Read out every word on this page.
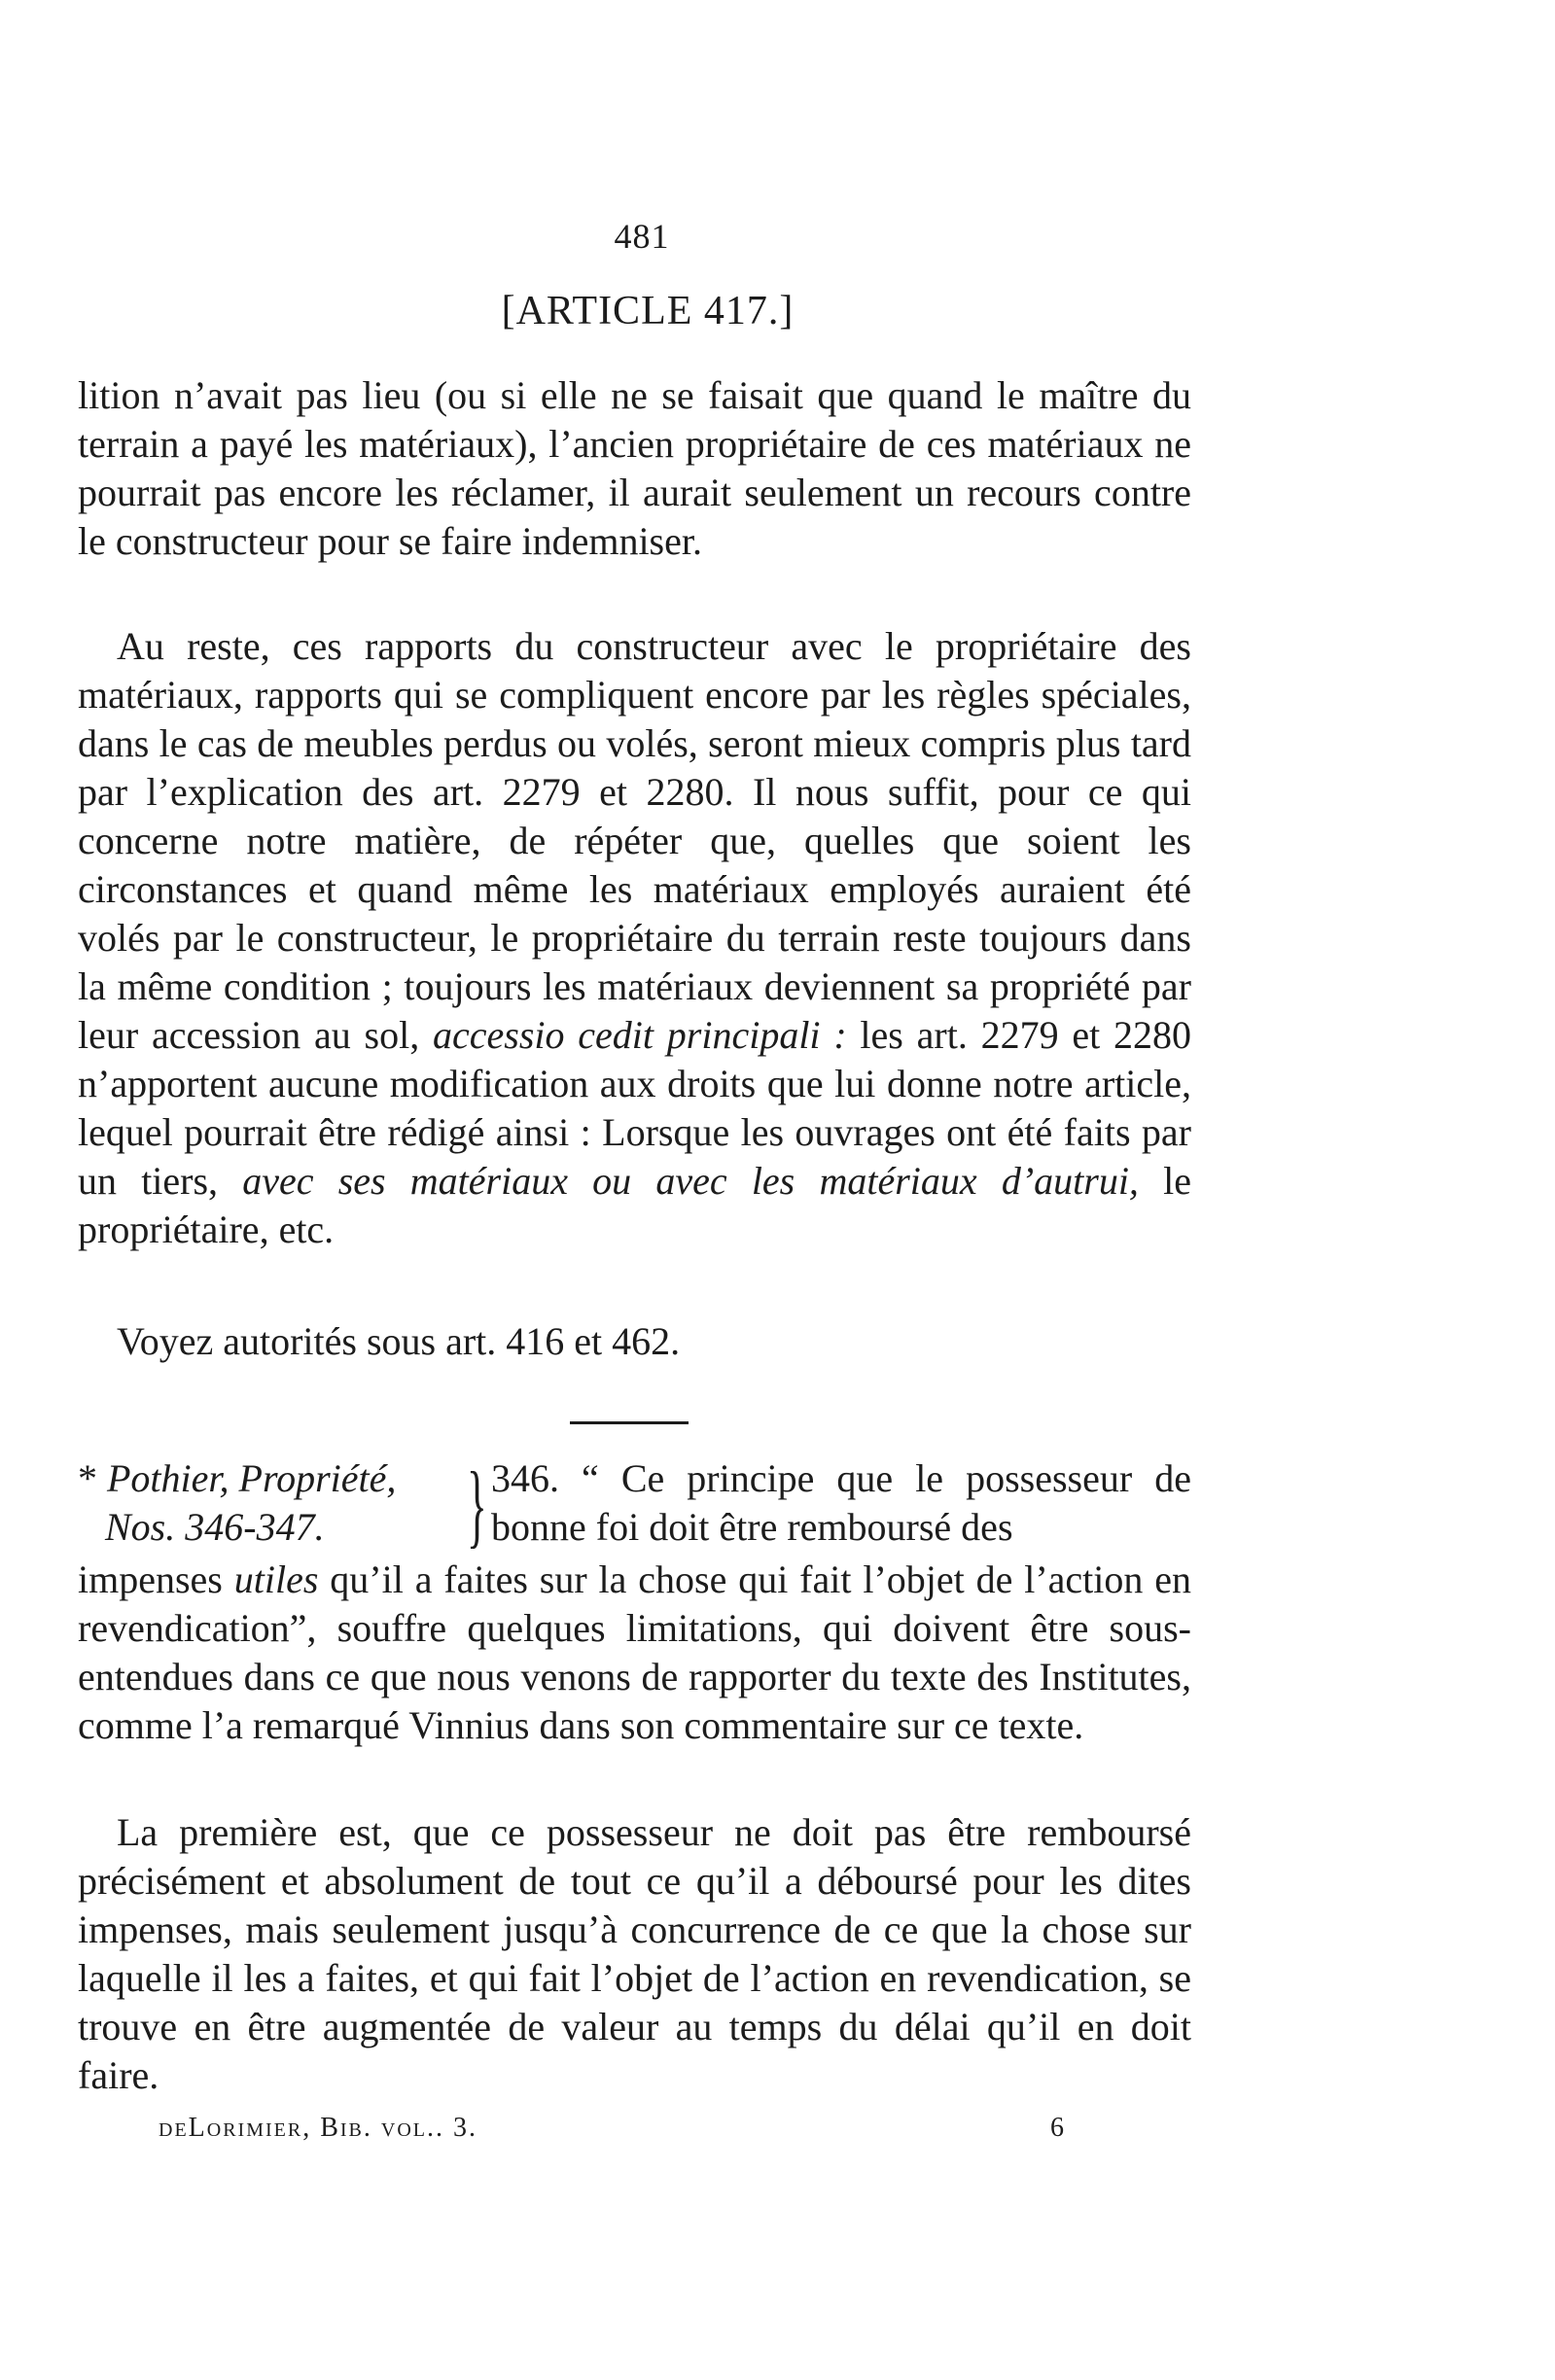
481
[ARTICLE 417.]

lition n’avait pas lieu (ou si elle ne se faisait que quand le maître du terrain a payé les matériaux), l’ancien propriétaire de ces matériaux ne pourrait pas encore les réclamer, il aurait seulement un recours contre le constructeur pour se faire indemniser.

Au reste, ces rapports du constructeur avec le propriétaire des matériaux, rapports qui se compliquent encore par les règles spéciales, dans le cas de meubles perdus ou volés, seront mieux compris plus tard par l’explication des art. 2279 et 2280. Il nous suffit, pour ce qui concerne notre matière, de répéter que, quelles que soient les circonstances et quand même les matériaux employés auraient été volés par le constructeur, le propriétaire du terrain reste toujours dans la même condition ; toujours les matériaux deviennent sa propriété par leur accession au sol, accessio cedit principali : les art. 2279 et 2280 n’apportent aucune modification aux droits que lui donne notre article, lequel pourrait être rédigé ainsi : Lorsque les ouvrages ont été faits par un tiers, avec ses matériaux ou avec les matériaux d’autrui, le propriétaire, etc.

Voyez autorités sous art. 416 et 462.

* Pothier, Propriété,
Nos. 346-347.	} 346. “ Ce principe que le possesseur de bonne foi doit être remboursé des

impenses utiles qu’il a faites sur la chose qui fait l’objet de l’action en revendication”, souffre quelques limitations, qui doivent être sous-entendues dans ce que nous venons de rapporter du texte des Institutes, comme l’a remarqué Vinnius dans son commentaire sur ce texte.

La première est, que ce possesseur ne doit pas être remboursé précisément et absolument de tout ce qu’il a déboursé pour les dites impenses, mais seulement jusqu’à concurrence de ce que la chose sur laquelle il les a faites, et qui fait l’objet de l’action en revendication, se trouve en être augmentée de valeur au temps du délai qu’il en doit faire.

deLorimier, Bib. vol.. 3.	6
